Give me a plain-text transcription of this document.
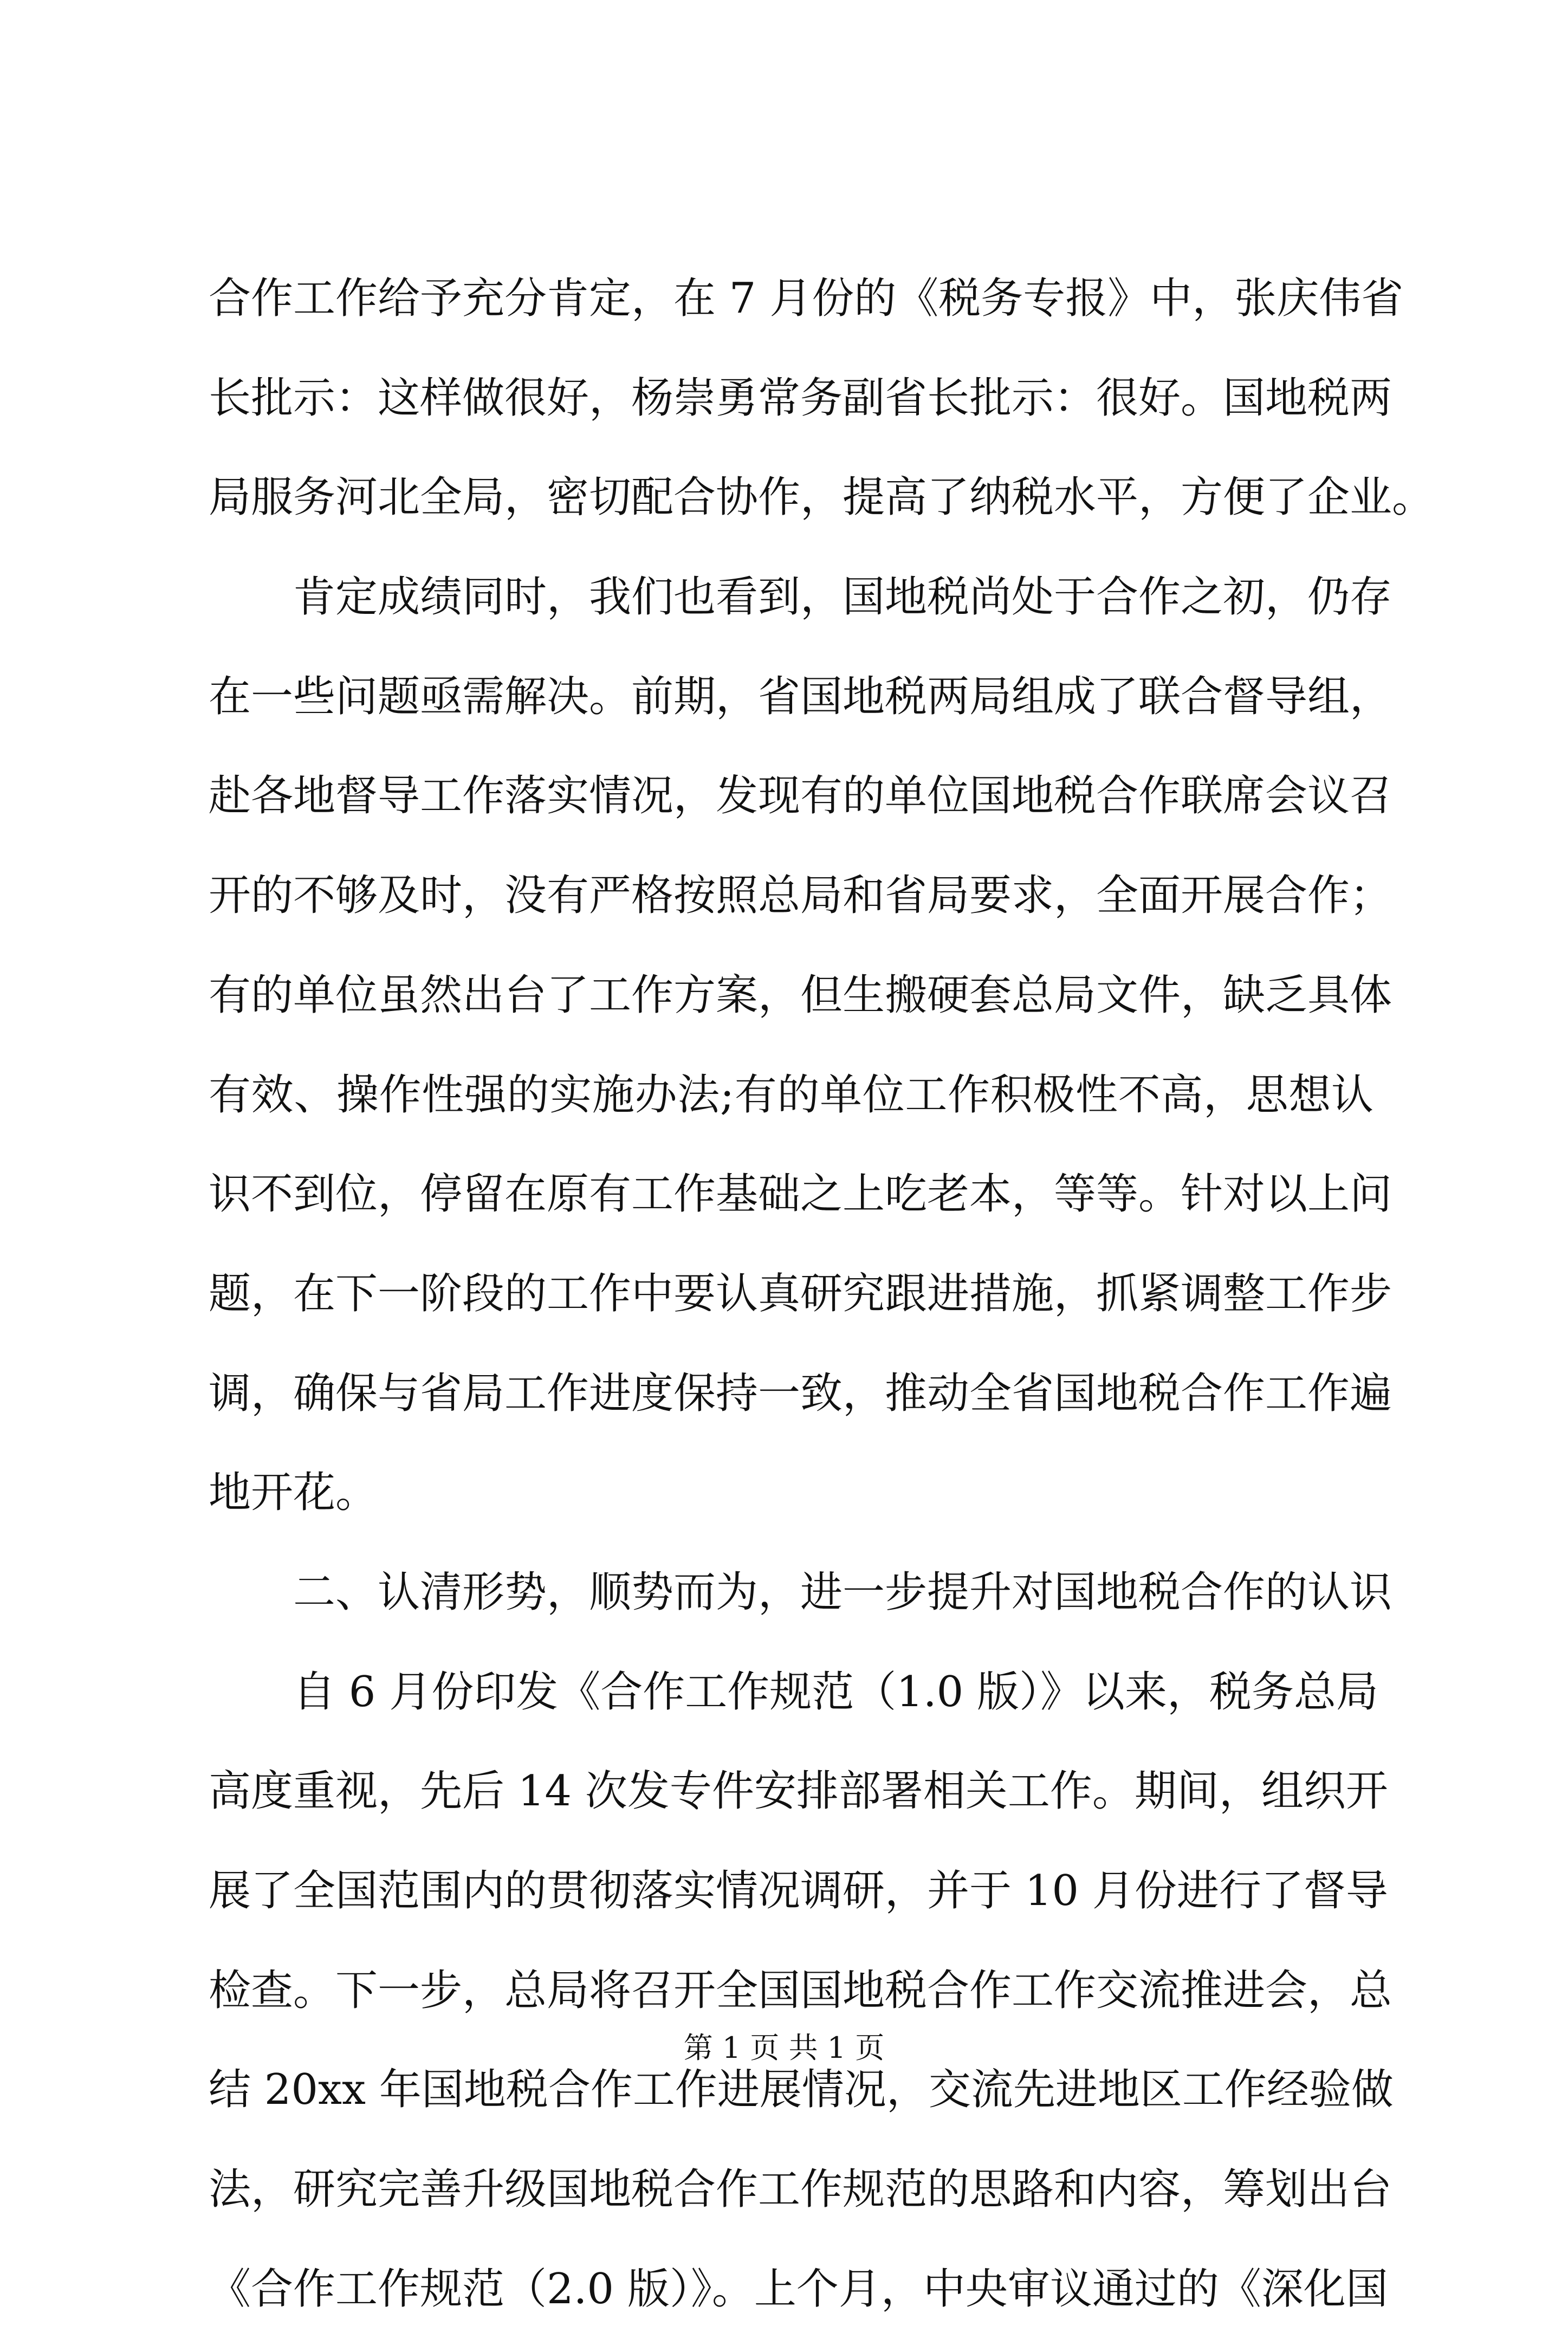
合作工作给予充分肯定，在 7 月份的《税务专报》中，张庆伟省
长批示：这样做很好，杨崇勇常务副省长批示：很好。国地税两
局服务河北全局，密切配合协作，提高了纳税水平，方便了企业。
肯定成绩同时，我们也看到，国地税尚处于合作之初，仍存
在一些问题亟需解决。前期，省国地税两局组成了联合督导组，
赴各地督导工作落实情况，发现有的单位国地税合作联席会议召
开的不够及时，没有严格按照总局和省局要求，全面开展合作；
有的单位虽然出台了工作方案，但生搬硬套总局文件，缺乏具体
有效、操作性强的实施办法;有的单位工作积极性不高，思想认
识不到位，停留在原有工作基础之上吃老本，等等。针对以上问
题，在下一阶段的工作中要认真研究跟进措施，抓紧调整工作步
调，确保与省局工作进度保持一致，推动全省国地税合作工作遍
地开花。
二、认清形势，顺势而为，进一步提升对国地税合作的认识
自 6 月份印发《合作工作规范（1.0 版）》以来，税务总局
高度重视，先后 14 次发专件安排部署相关工作。期间，组织开
展了全国范围内的贯彻落实情况调研，并于 10 月份进行了督导
检查。下一步，总局将召开全国国地税合作工作交流推进会，总
结 20xx 年国地税合作工作进展情况，交流先进地区工作经验做
法，研究完善升级国地税合作工作规范的思路和内容，筹划出台
《合作工作规范（2.0 版）》。上个月，中央审议通过的《深化国
第 1 页 共 1 页
